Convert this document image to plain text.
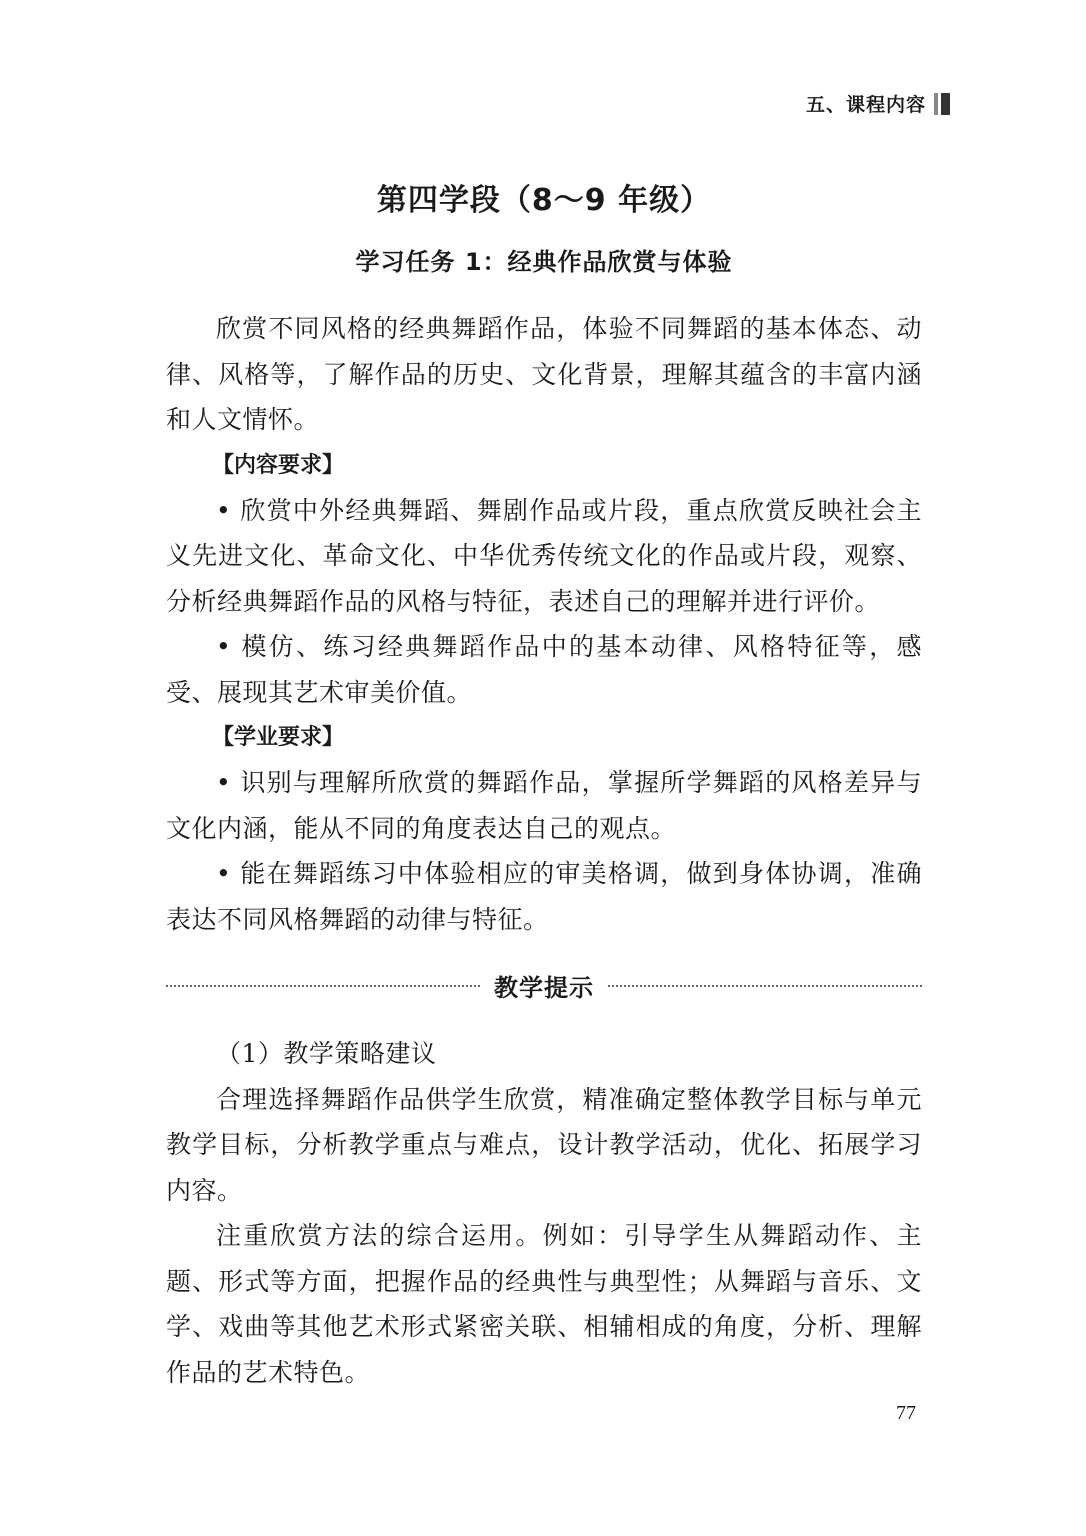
五、课程内容
第四学段（8～9 年级）
学习任务 1：经典作品欣赏与体验

欣赏不同风格的经典舞蹈作品，体验不同舞蹈的基本体态、动律、风格等，了解作品的历史、文化背景，理解其蕴含的丰富内涵和人文情怀。

【内容要求】

• 欣赏中外经典舞蹈、舞剧作品或片段，重点欣赏反映社会主义先进文化、革命文化、中华优秀传统文化的作品或片段，观察、分析经典舞蹈作品的风格与特征，表述自己的理解并进行评价。

• 模仿、练习经典舞蹈作品中的基本动律、风格特征等，感受、展现其艺术审美价值。

【学业要求】

• 识别与理解所欣赏的舞蹈作品，掌握所学舞蹈的风格差异与文化内涵，能从不同的角度表达自己的观点。

• 能在舞蹈练习中体验相应的审美格调，做到身体协调，准确表达不同风格舞蹈的动律与特征。

教学提示

（1）教学策略建议

合理选择舞蹈作品供学生欣赏，精准确定整体教学目标与单元教学目标，分析教学重点与难点，设计教学活动，优化、拓展学习内容。

注重欣赏方法的综合运用。例如：引导学生从舞蹈动作、主题、形式等方面，把握作品的经典性与典型性；从舞蹈与音乐、文学、戏曲等其他艺术形式紧密关联、相辅相成的角度，分析、理解作品的艺术特色。

77
